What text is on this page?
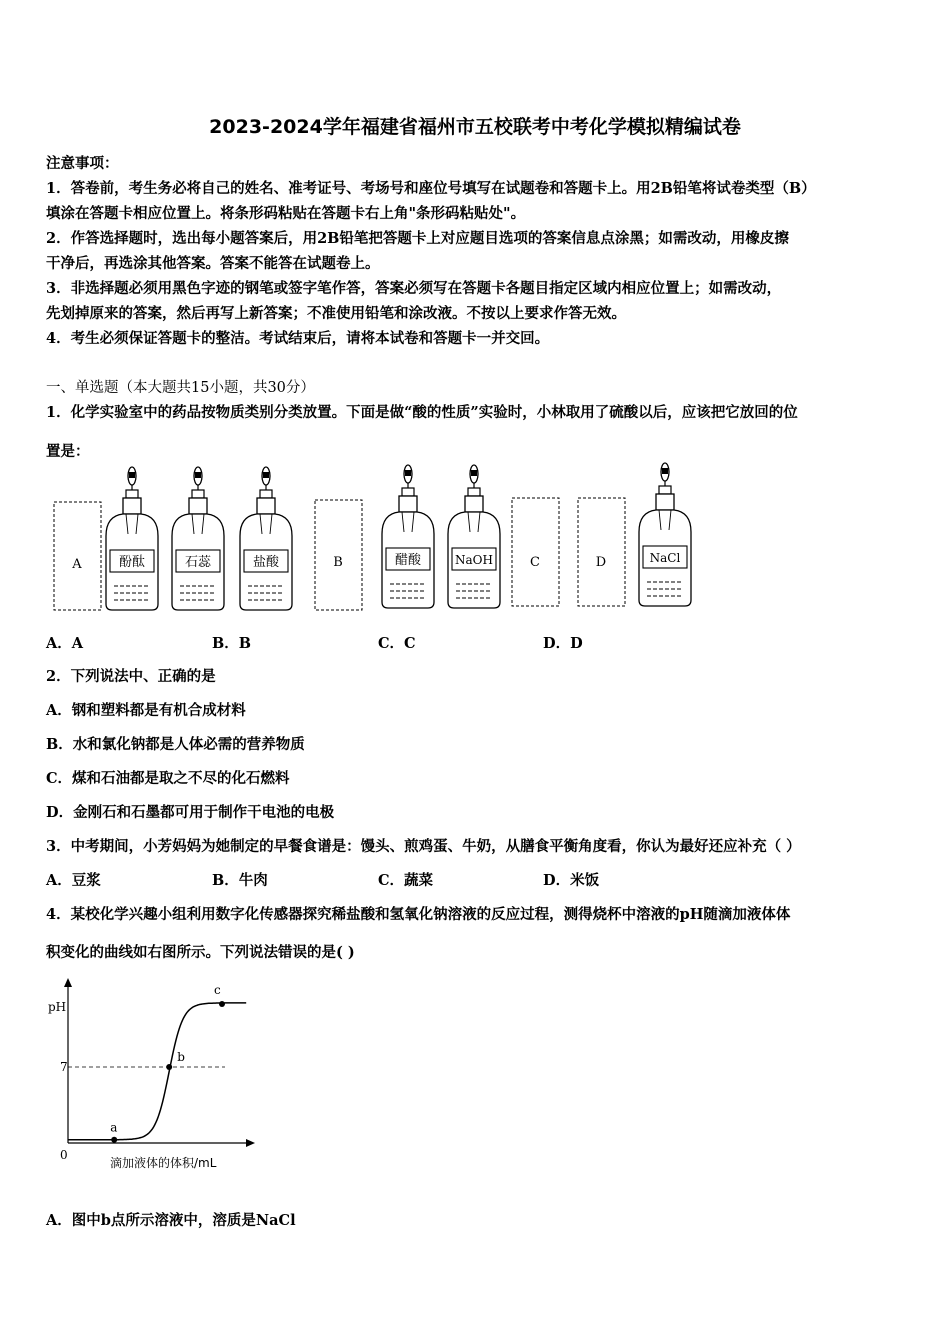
2023-2024学年福建省福州市五校联考中考化学模拟精编试卷
注意事项：
1．答卷前，考生务必将自己的姓名、准考证号、考场号和座位号填写在试题卷和答题卡上。用2B铅笔将试卷类型（B）
填涂在答题卡相应位置上。将条形码粘贴在答题卡右上角"条形码粘贴处"。
2．作答选择题时，选出每小题答案后，用2B铅笔把答题卡上对应题目选项的答案信息点涂黑；如需改动，用橡皮擦
干净后，再选涂其他答案。答案不能答在试题卷上。
3．非选择题必须用黑色字迹的钢笔或签字笔作答，答案必须写在答题卡各题目指定区域内相应位置上；如需改动，
先划掉原来的答案，然后再写上新答案；不准使用铅笔和涂改液。不按以上要求作答无效。
4．考生必须保证答题卡的整洁。考试结束后，请将本试卷和答题卡一并交回。
一、单选题（本大题共15小题，共30分）
1．化学实验室中的药品按物质类别分类放置。下面是做“酸的性质”实验时，小林取用了硫酸以后，应该把它放回的位
置是：
A	酚酞	石蕊	盐酸	B	醋酸	NaOH	C	D	NaCl
A．A	B．B	C．C	D．D
2．下列说法中、正确的是
A．钢和塑料都是有机合成材料
B．水和氯化钠都是人体必需的营养物质
C．煤和石油都是取之不尽的化石燃料
D．金刚石和石墨都可用于制作干电池的电极
3．中考期间，小芳妈妈为她制定的早餐食谱是：馒头、煎鸡蛋、牛奶，从膳食平衡角度看，你认为最好还应补充（ ）
A．豆浆	B．牛肉	C．蔬菜	D．米饭
4．某校化学兴趣小组利用数字化传感器探究稀盐酸和氢氧化钠溶液的反应过程，测得烧杯中溶液的pH随滴加液体体
积变化的曲线如右图所示。下列说法错误的是( )
pH
7
0
滴加液体的体积/mL
a
b
c
A．图中b点所示溶液中，溶质是NaCl
